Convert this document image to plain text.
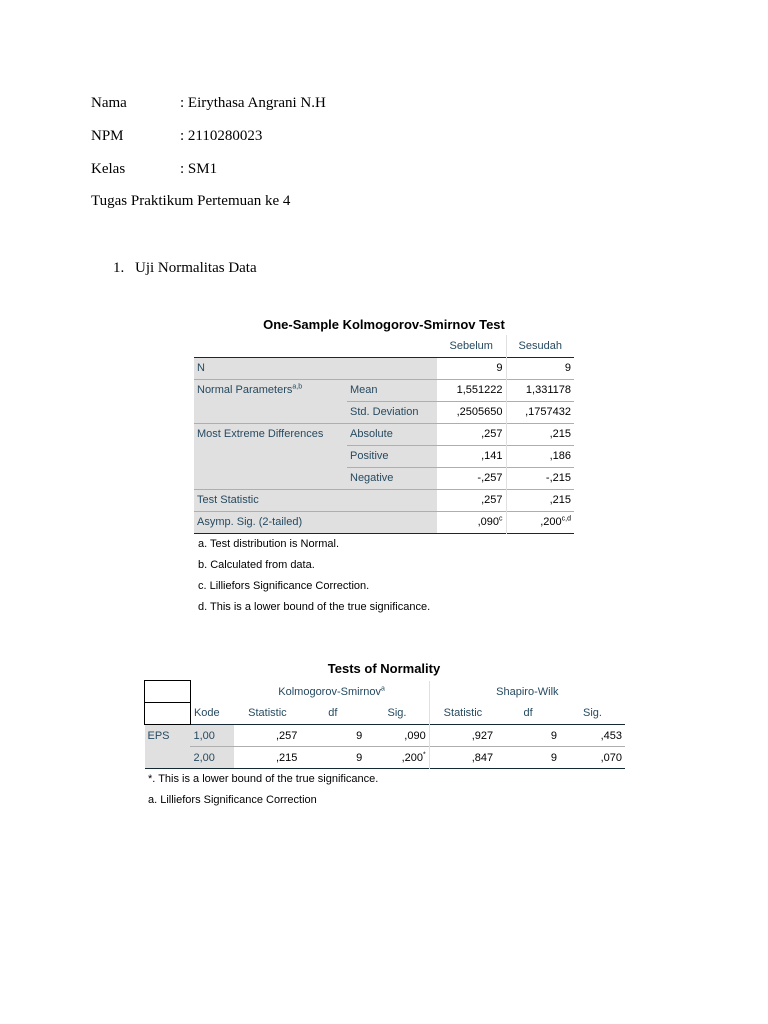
Nama	: Eirythasa Angrani N.H
NPM	: 2110280023
Kelas	: SM1
Tugas Praktikum Pertemuan ke 4
1. Uji Normalitas Data
One-Sample Kolmogorov-Smirnov Test
		Sebelum	Sesudah
N		9	9
Normal Parameters$^{a,b}$	Mean	1,551222	1,331178
	Std. Deviation	,2505650	,1757432
Most Extreme Differences	Absolute	,257	,215
	Positive	,141	,186
	Negative	-,257	-,215
Test Statistic		,257	,215
Asymp. Sig. (2-tailed)		,090$^c$	,200$^{c,d}$
a. Test distribution is Normal.
b. Calculated from data.
c. Lilliefors Significance Correction.
d. This is a lower bound of the true significance.
Tests of Normality
		Kolmogorov-Smirnov$^a$			Shapiro-Wilk		
	Kode	Statistic	df	Sig.	Statistic	df	Sig.
EPS	1,00	,257	9	,090	,927	9	,453
	2,00	,215	9	,200*	,847	9	,070
*. This is a lower bound of the true significance.
a. Lilliefors Significance Correction
